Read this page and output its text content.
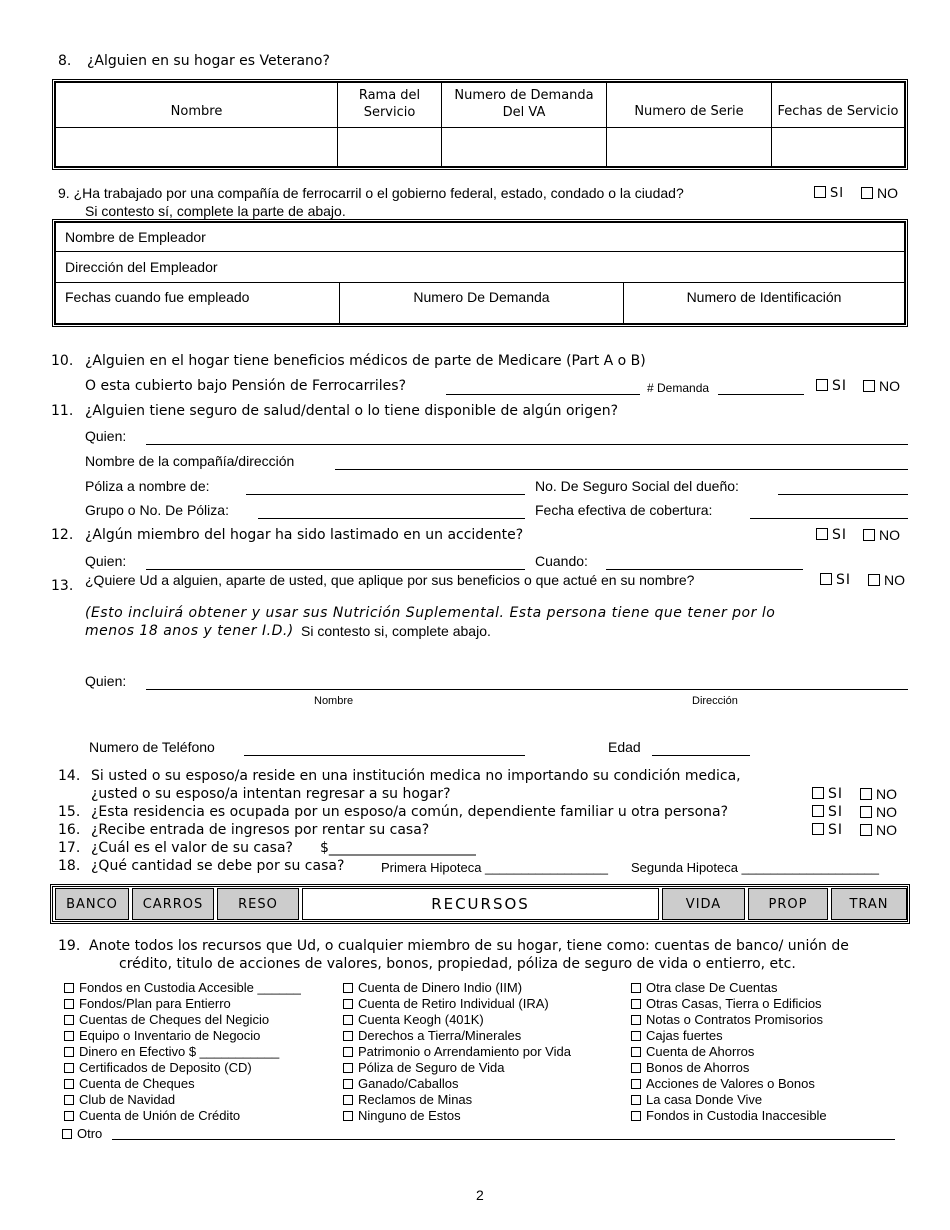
8. ¿Alguien en su hogar es Veterano?
Nombre	Rama del Servicio	Numero de Demanda Del VA	Numero de Serie	Fechas de Servicio

9. ¿Ha trabajado por una compañía de ferrocarril o el gobierno federal, estado, condado o la ciudad?	SI	NO
Si contesto sí, complete la parte de abajo.
Nombre de Empleador
Dirección del Empleador
Fechas cuando fue empleado	Numero De Demanda	Numero de Identificación
10. ¿Alguien en el hogar tiene beneficios médicos de parte de Medicare (Part A o B)
O esta cubierto bajo Pensión de Ferrocarriles?	# Demanda	SI	NO
11. ¿Alguien tiene seguro de salud/dental o lo tiene disponible de algún origen?
Quien:
Nombre de la compañía/dirección
Póliza a nombre de:	No. De Seguro Social del dueño:
Grupo o No. De Póliza:	Fecha efectiva de cobertura:
12. ¿Algún miembro del hogar ha sido lastimado en un accidente?	SI	NO
Quien:	Cuando:
13. ¿Quiere Ud a alguien, aparte de usted, que aplique por sus beneficios o que actué en su nombre?	SI	NO
(Esto incluirá obtener y usar sus Nutrición Suplemental. Esta persona tiene que tener por lo
menos 18 anos y tener I.D.) Si contesto si, complete abajo.
Quien:
Nombre	Dirección
Numero de Teléfono	Edad
14. Si usted o su esposo/a reside en una institución medica no importando su condición medica,
¿usted o su esposo/a intentan regresar a su hogar?	SI	NO
15. ¿Esta residencia es ocupada por un esposo/a común, dependiente familiar u otra persona?	SI	NO
16. ¿Recibe entrada de ingresos por rentar su casa?	SI	NO
17. ¿Cuál es el valor de su casa? $_____________________
18. ¿Qué cantidad se debe por su casa?	Primera Hipoteca _________________ Segunda Hipoteca ___________________
BANCO	CARROS	RESO	RECURSOS	VIDA	PROP	TRAN
19. Anote todos los recursos que Ud, o cualquier miembro de su hogar, tiene como: cuentas de banco/ unión de
crédito, titulo de acciones de valores, bonos, propiedad, póliza de seguro de vida o entierro, etc.
Fondos en Custodia Accesible ______
Fondos/Plan para Entierro
Cuentas de Cheques del Negicio
Equipo o Inventario de Negocio
Dinero en Efectivo $ ___________
Certificados de Deposito (CD)
Cuenta de Cheques
Club de Navidad
Cuenta de Unión de Crédito
Cuenta de Dinero Indio (IIM)
Cuenta de Retiro Individual (IRA)
Cuenta Keogh (401K)
Derechos a Tierra/Minerales
Patrimonio o Arrendamiento por Vida
Póliza de Seguro de Vida
Ganado/Caballos
Reclamos de Minas
Ninguno de Estos
Otra clase De Cuentas
Otras Casas, Tierra o Edificios
Notas o Contratos Promisorios
Cajas fuertes
Cuenta de Ahorros
Bonos de Ahorros
Acciones de Valores o Bonos
La casa Donde Vive
Fondos in Custodia Inaccesible
Otro
2
